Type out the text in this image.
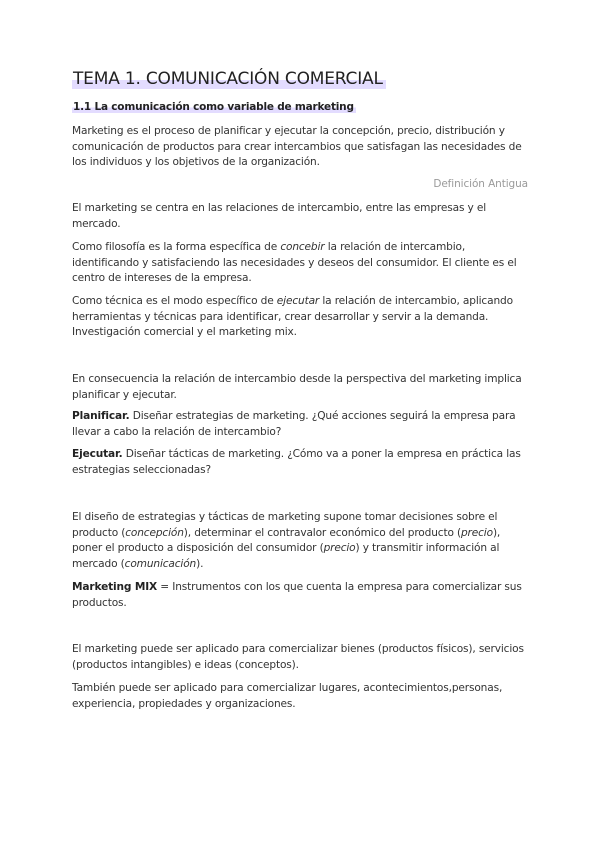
TEMA 1. COMUNICACIÓN COMERCIAL
1.1 La comunicación como variable de marketing
Marketing es el proceso de planificar y ejecutar la concepción, precio, distribución y comunicación de productos para crear intercambios que satisfagan las necesidades de los individuos y los objetivos de la organización.
Definición Antigua
El marketing se centra en las relaciones de intercambio, entre las empresas y el mercado.
Como filosofía es la forma específica de concebir la relación de intercambio, identificando y satisfaciendo las necesidades y deseos del consumidor. El cliente es el centro de intereses de la empresa.
Como técnica es el modo específico de ejecutar la relación de intercambio, aplicando herramientas y técnicas para identificar, crear desarrollar y servir a la demanda. Investigación comercial y el marketing mix.
En consecuencia la relación de intercambio desde la perspectiva del marketing implica planificar y ejecutar.
Planificar. Diseñar estrategias de marketing. ¿Qué acciones seguirá la empresa para llevar a cabo la relación de intercambio?
Ejecutar. Diseñar tácticas de marketing. ¿Cómo va a poner la empresa en práctica las estrategias seleccionadas?
El diseño de estrategias y tácticas de marketing supone tomar decisiones sobre el producto (concepción), determinar el contravalor económico del producto (precio), poner el producto a disposición del consumidor (precio) y transmitir información al mercado (comunicación).
Marketing MIX = Instrumentos con los que cuenta la empresa para comercializar sus productos.
El marketing puede ser aplicado para comercializar bienes (productos físicos), servicios (productos intangibles) e ideas (conceptos).
También puede ser aplicado para comercializar lugares, acontecimientos,personas, experiencia, propiedades y organizaciones.
